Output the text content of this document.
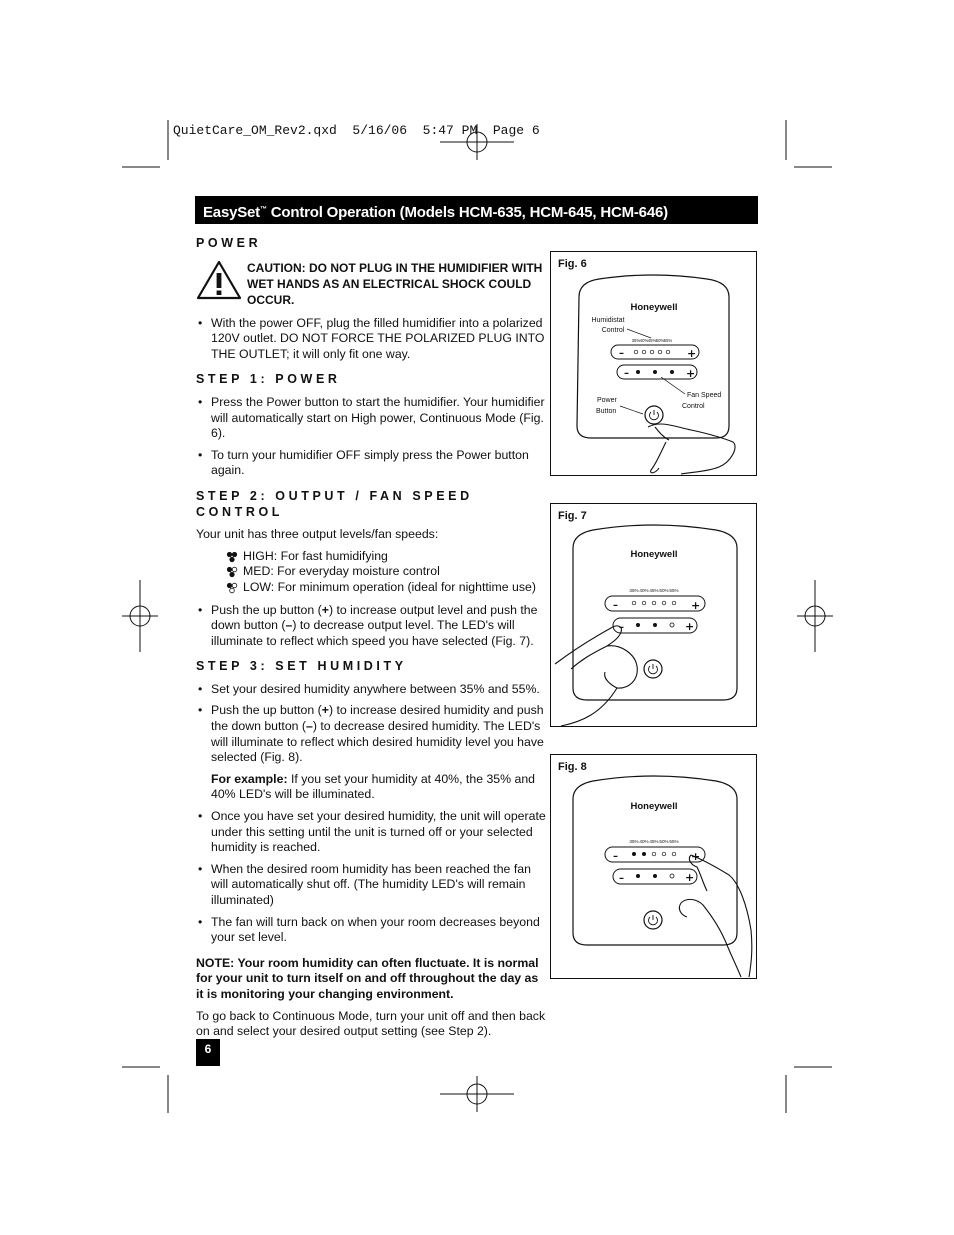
QuietCare_OM_Rev2.qxd  5/16/06  5:47 PM  Page 6
EasySet™ Control Operation (Models HCM-635, HCM-645, HCM-646)
POWER
CAUTION: DO NOT PLUG IN THE HUMIDIFIER WITH WET HANDS AS AN ELECTRICAL SHOCK COULD OCCUR.
• With the power OFF, plug the filled humidifier into a polarized 120V outlet. DO NOT FORCE THE POLARIZED PLUG INTO THE OUTLET; it will only fit one way.
STEP 1: POWER
• Press the Power button to start the humidifier. Your humidifier will automatically start on High power, Continuous Mode (Fig. 6).
• To turn your humidifier OFF simply press the Power button again.
STEP 2: OUTPUT / FAN SPEED CONTROL

Your unit has three output levels/fan speeds:

HIGH: For fast humidifying
MED: For everyday moisture control
LOW: For minimum operation (ideal for nighttime use)
• Push the up button (+) to increase output level and push the down button (–) to decrease output level. The LED's will illuminate to reflect which speed you have selected (Fig. 7).
STEP 3: SET HUMIDITY
• Set your desired humidity anywhere between 35% and 55%.
• Push the up button (+) to increase desired humidity and push the down button (–) to decrease desired humidity. The LED's will illuminate to reflect which desired humidity level you have selected (Fig. 8).

For example: If you set your humidity at 40%, the 35% and 40% LED's will be illuminated.

• Once you have set your desired humidity, the unit will operate under this setting until the unit is turned off or your selected humidity is reached.
• When the desired room humidity has been reached the fan will automatically shut off. (The humidity LED's will remain illuminated)
• The fan will turn back on when your room decreases beyond your set level.

NOTE: Your room humidity can often fluctuate. It is normal for your unit to turn itself on and off throughout the day as it is monitoring your changing environment.

To go back to Continuous Mode, turn your unit off and then back on and select your desired output setting (see Step 2).

Honeywell
Humidistat
Control
35% 40% 45% 50% 55%
–	+
–	+
Fan Speed
Control
Power
Button
Fig. 6
Honeywell
35% 40% 45% 50% 55%
–	+
–	+
Fig. 7
Honeywell
35% 40% 45% 50% 55%
–	+
–	+
Fig. 8
6
